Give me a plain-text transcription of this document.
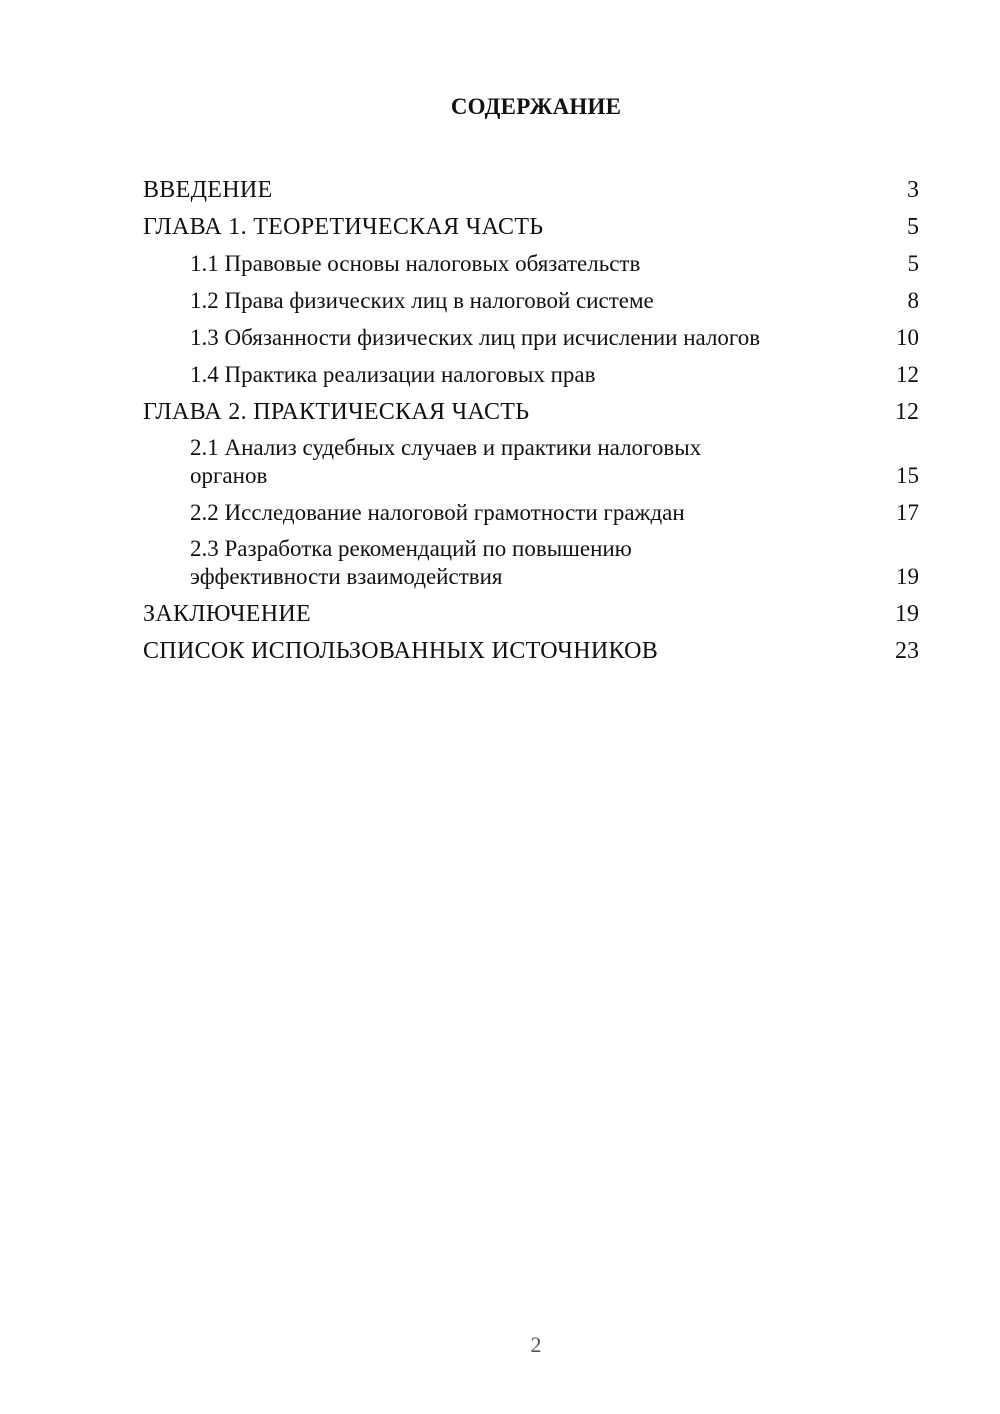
СОДЕРЖАНИЕ
ВВЕДЕНИЕ	3
ГЛАВА 1. ТЕОРЕТИЧЕСКАЯ ЧАСТЬ	5
1.1 Правовые основы налоговых обязательств	5
1.2 Права физических лиц в налоговой системе	8
1.3 Обязанности физических лиц при исчислении налогов	10
1.4 Практика реализации налоговых прав	12
ГЛАВА 2. ПРАКТИЧЕСКАЯ ЧАСТЬ	12
2.1 Анализ судебных случаев и практики налоговых органов	15
2.2 Исследование налоговой грамотности граждан	17
2.3 Разработка рекомендаций по повышению эффективности взаимодействия	19
ЗАКЛЮЧЕНИЕ	19
СПИСОК ИСПОЛЬЗОВАННЫХ ИСТОЧНИКОВ	23
2
